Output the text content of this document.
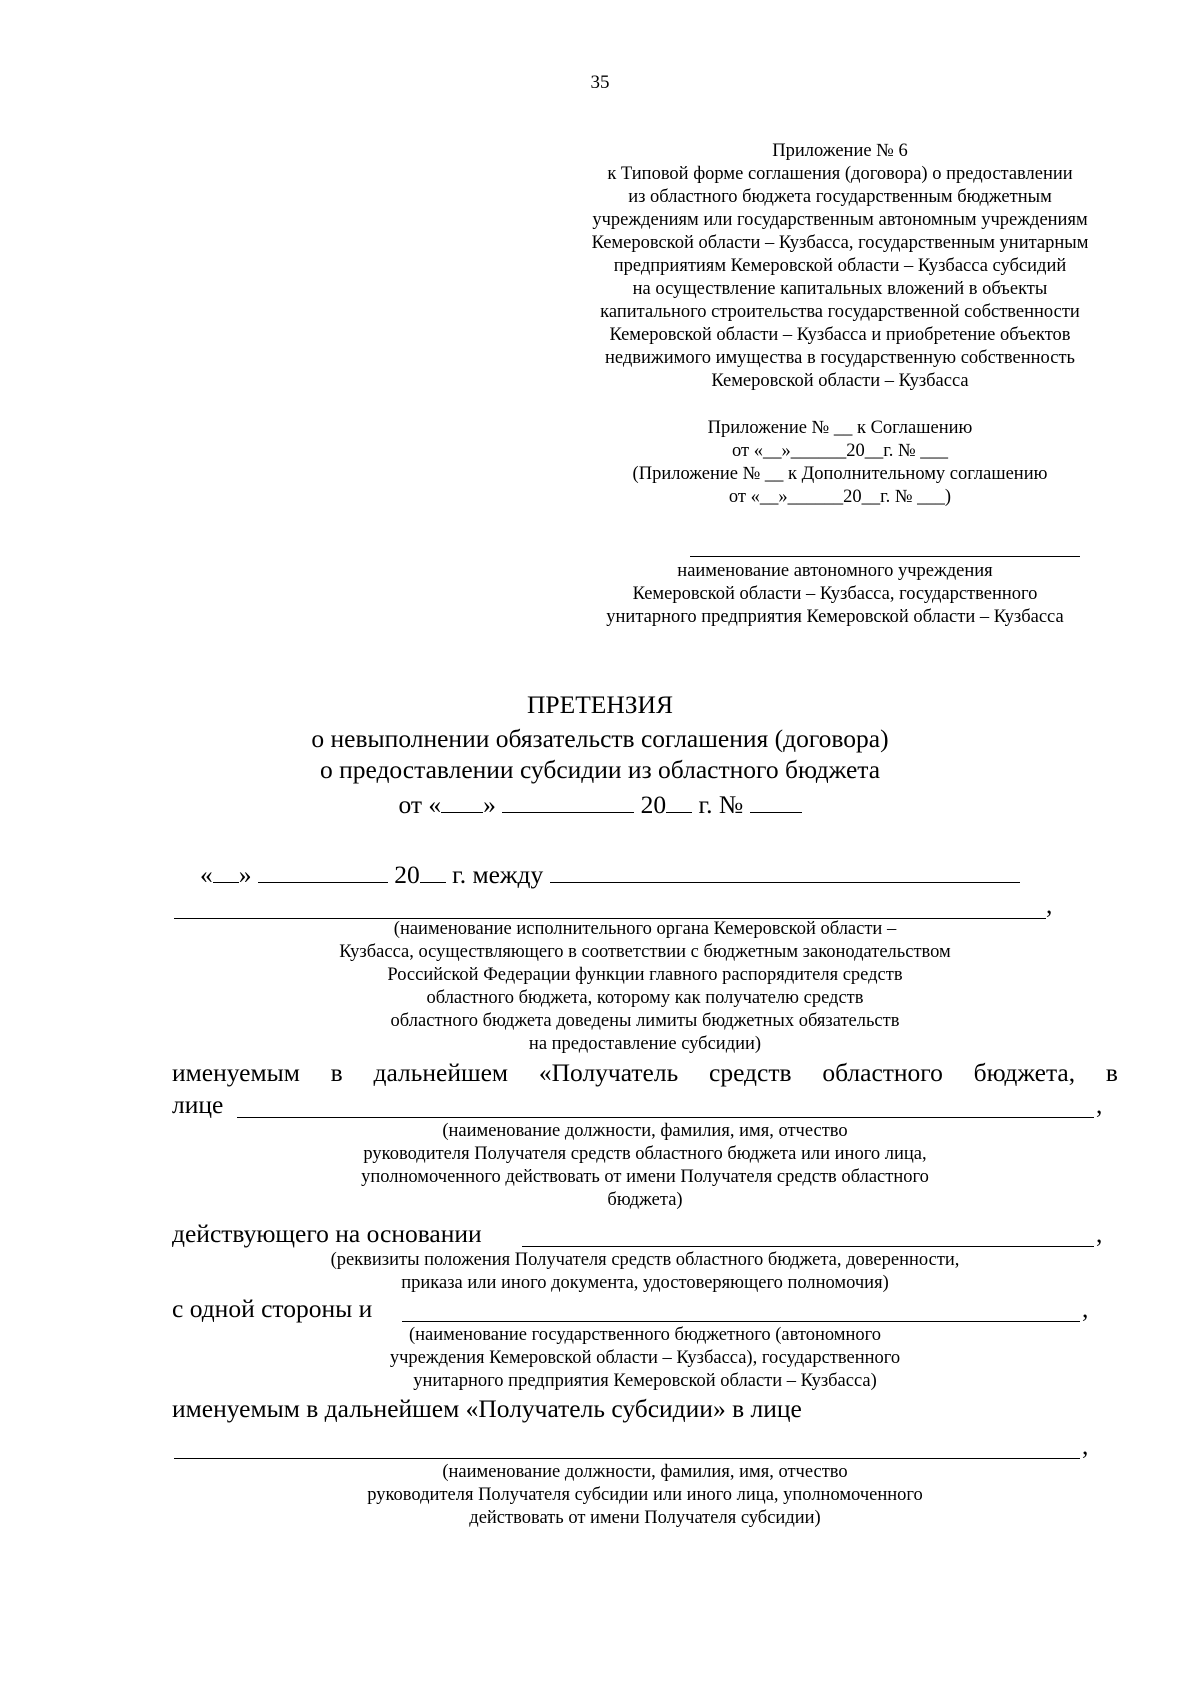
35
Приложение № 6
к Типовой форме соглашения (договора) о предоставлении
из областного бюджета государственным бюджетным
учреждениям или государственным автономным учреждениям
Кемеровской области – Кузбасса, государственным унитарным
предприятиям Кемеровской области – Кузбасса субсидий
на осуществление капитальных вложений в объекты
капитального строительства государственной собственности
Кемеровской области – Кузбасса и приобретение объектов
недвижимого имущества в государственную собственность
Кемеровской области – Кузбасса
Приложение № __ к Соглашению
от «__»______20__г. № ___
(Приложение № __ к Дополнительному соглашению
от «__»______20__г. № ___)
наименование автономного учреждения
Кемеровской области – Кузбасса, государственного
унитарного предприятия Кемеровской области – Кузбасса
ПРЕТЕНЗИЯ
о невыполнении обязательств соглашения (договора)
о предоставлении субсидии из областного бюджета
от « »	20 г. №
« »	20 г. между
,
(наименование исполнительного органа Кемеровской области –
Кузбасса, осуществляющего в соответствии с бюджетным законодательством
Российской Федерации функции главного распорядителя средств
областного бюджета, которому как получателю средств
областного бюджета доведены лимиты бюджетных обязательств
на предоставление субсидии)
именуемым в дальнейшем «Получатель средств областного бюджета, в
лице	,
(наименование должности, фамилия, имя, отчество
руководителя Получателя средств областного бюджета или иного лица,
уполномоченного действовать от имени Получателя средств областного
бюджета)
действующего на основании	,
(реквизиты положения Получателя средств областного бюджета, доверенности,
приказа или иного документа, удостоверяющего полномочия)
с одной стороны и	,
(наименование государственного бюджетного (автономного
учреждения Кемеровской области – Кузбасса), государственного
унитарного предприятия Кемеровской области – Кузбасса)
именуемым в дальнейшем «Получатель субсидии» в лице
,
(наименование должности, фамилия, имя, отчество
руководителя Получателя субсидии или иного лица, уполномоченного
действовать от имени Получателя субсидии)
